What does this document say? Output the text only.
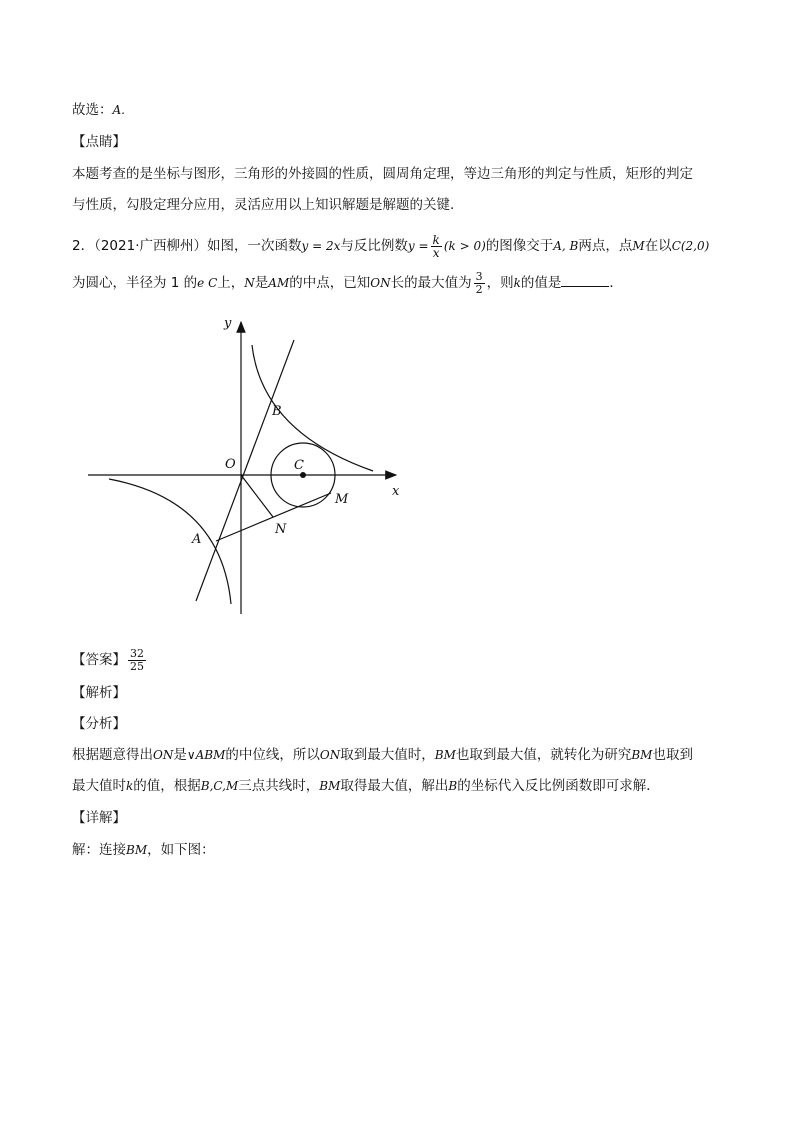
故选：A.
【点睛】
本题考查的是坐标与图形，三角形的外接圆的性质，圆周角定理，等边三角形的判定与性质，矩形的判定
与性质，勾股定理分应用，灵活应用以上知识解题是解题的关键.
2．（2021·广西柳州）如图，一次函数y = 2x与反比例数$y = \frac{k}{x} (k > 0)$的图像交于A, B两点，点M在以C(2,0)
为圆心，半径为 1 的e C上，N是AM的中点，已知ON长的最大值为 $\frac{3}{2}$ ，则k的值是	．
y
x
O	C
B
A
M
N
【答案】 $\frac{32}{25}$
【解析】
【分析】
根据题意得出ON是∨ABM的中位线，所以ON取到最大值时，BM也取到最大值，就转化为研究BM也取到
最大值时k的值，根据B,C,M三点共线时，BM取得最大值，解出B的坐标代入反比例函数即可求解．
【详解】
解：连接BM，如下图：
